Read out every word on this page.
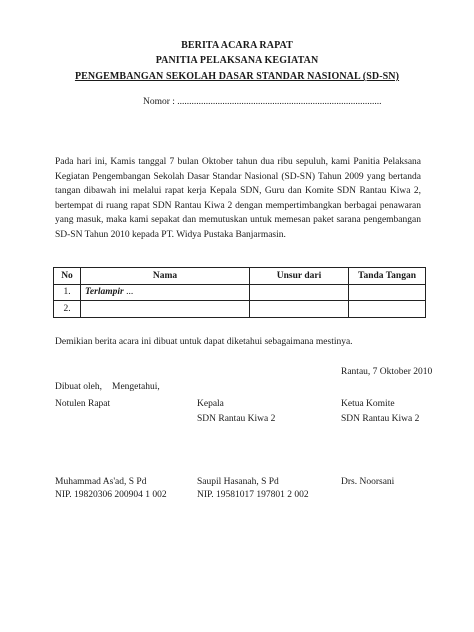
BERITA ACARA RAPAT
PANITIA PELAKSANA KEGIATAN
PENGEMBANGAN SEKOLAH DASAR STANDAR NASIONAL (SD-SN)
Nomor : ......................................................................................

Pada hari ini, Kamis tanggal 7 bulan Oktober tahun dua ribu sepuluh, kami Panitia Pelaksana Kegiatan Pengembangan Sekolah Dasar Standar Nasional (SD-SN) Tahun 2009 yang bertanda tangan dibawah ini melalui rapat kerja Kepala SDN, Guru dan Komite SDN Rantau Kiwa 2, bertempat di ruang rapat SDN Rantau Kiwa 2 dengan mempertimbangkan berbagai penawaran yang masuk, maka kami sepakat dan memutuskan untuk memesan paket sarana pengembangan SD-SN Tahun 2010 kepada PT. Widya Pustaka Banjarmasin.

No	Nama	Unsur dari	Tanda Tangan
1.	Terlampir ...		
2.			
Demikian berita acara ini dibuat untuk dapat diketahui sebagaimana mestinya.
Rantau, 7 Oktober 2010
Dibuat oleh, Mengetahui,
Notulen Rapat	Kepala	Ketua Komite
SDN Rantau Kiwa 2	SDN Rantau Kiwa 2
Muhammad As'ad, S Pd	Saupil Hasanah, S Pd	Drs. Noorsani
NIP. 19820306 200904 1 002	NIP. 19581017 197801 2 002
